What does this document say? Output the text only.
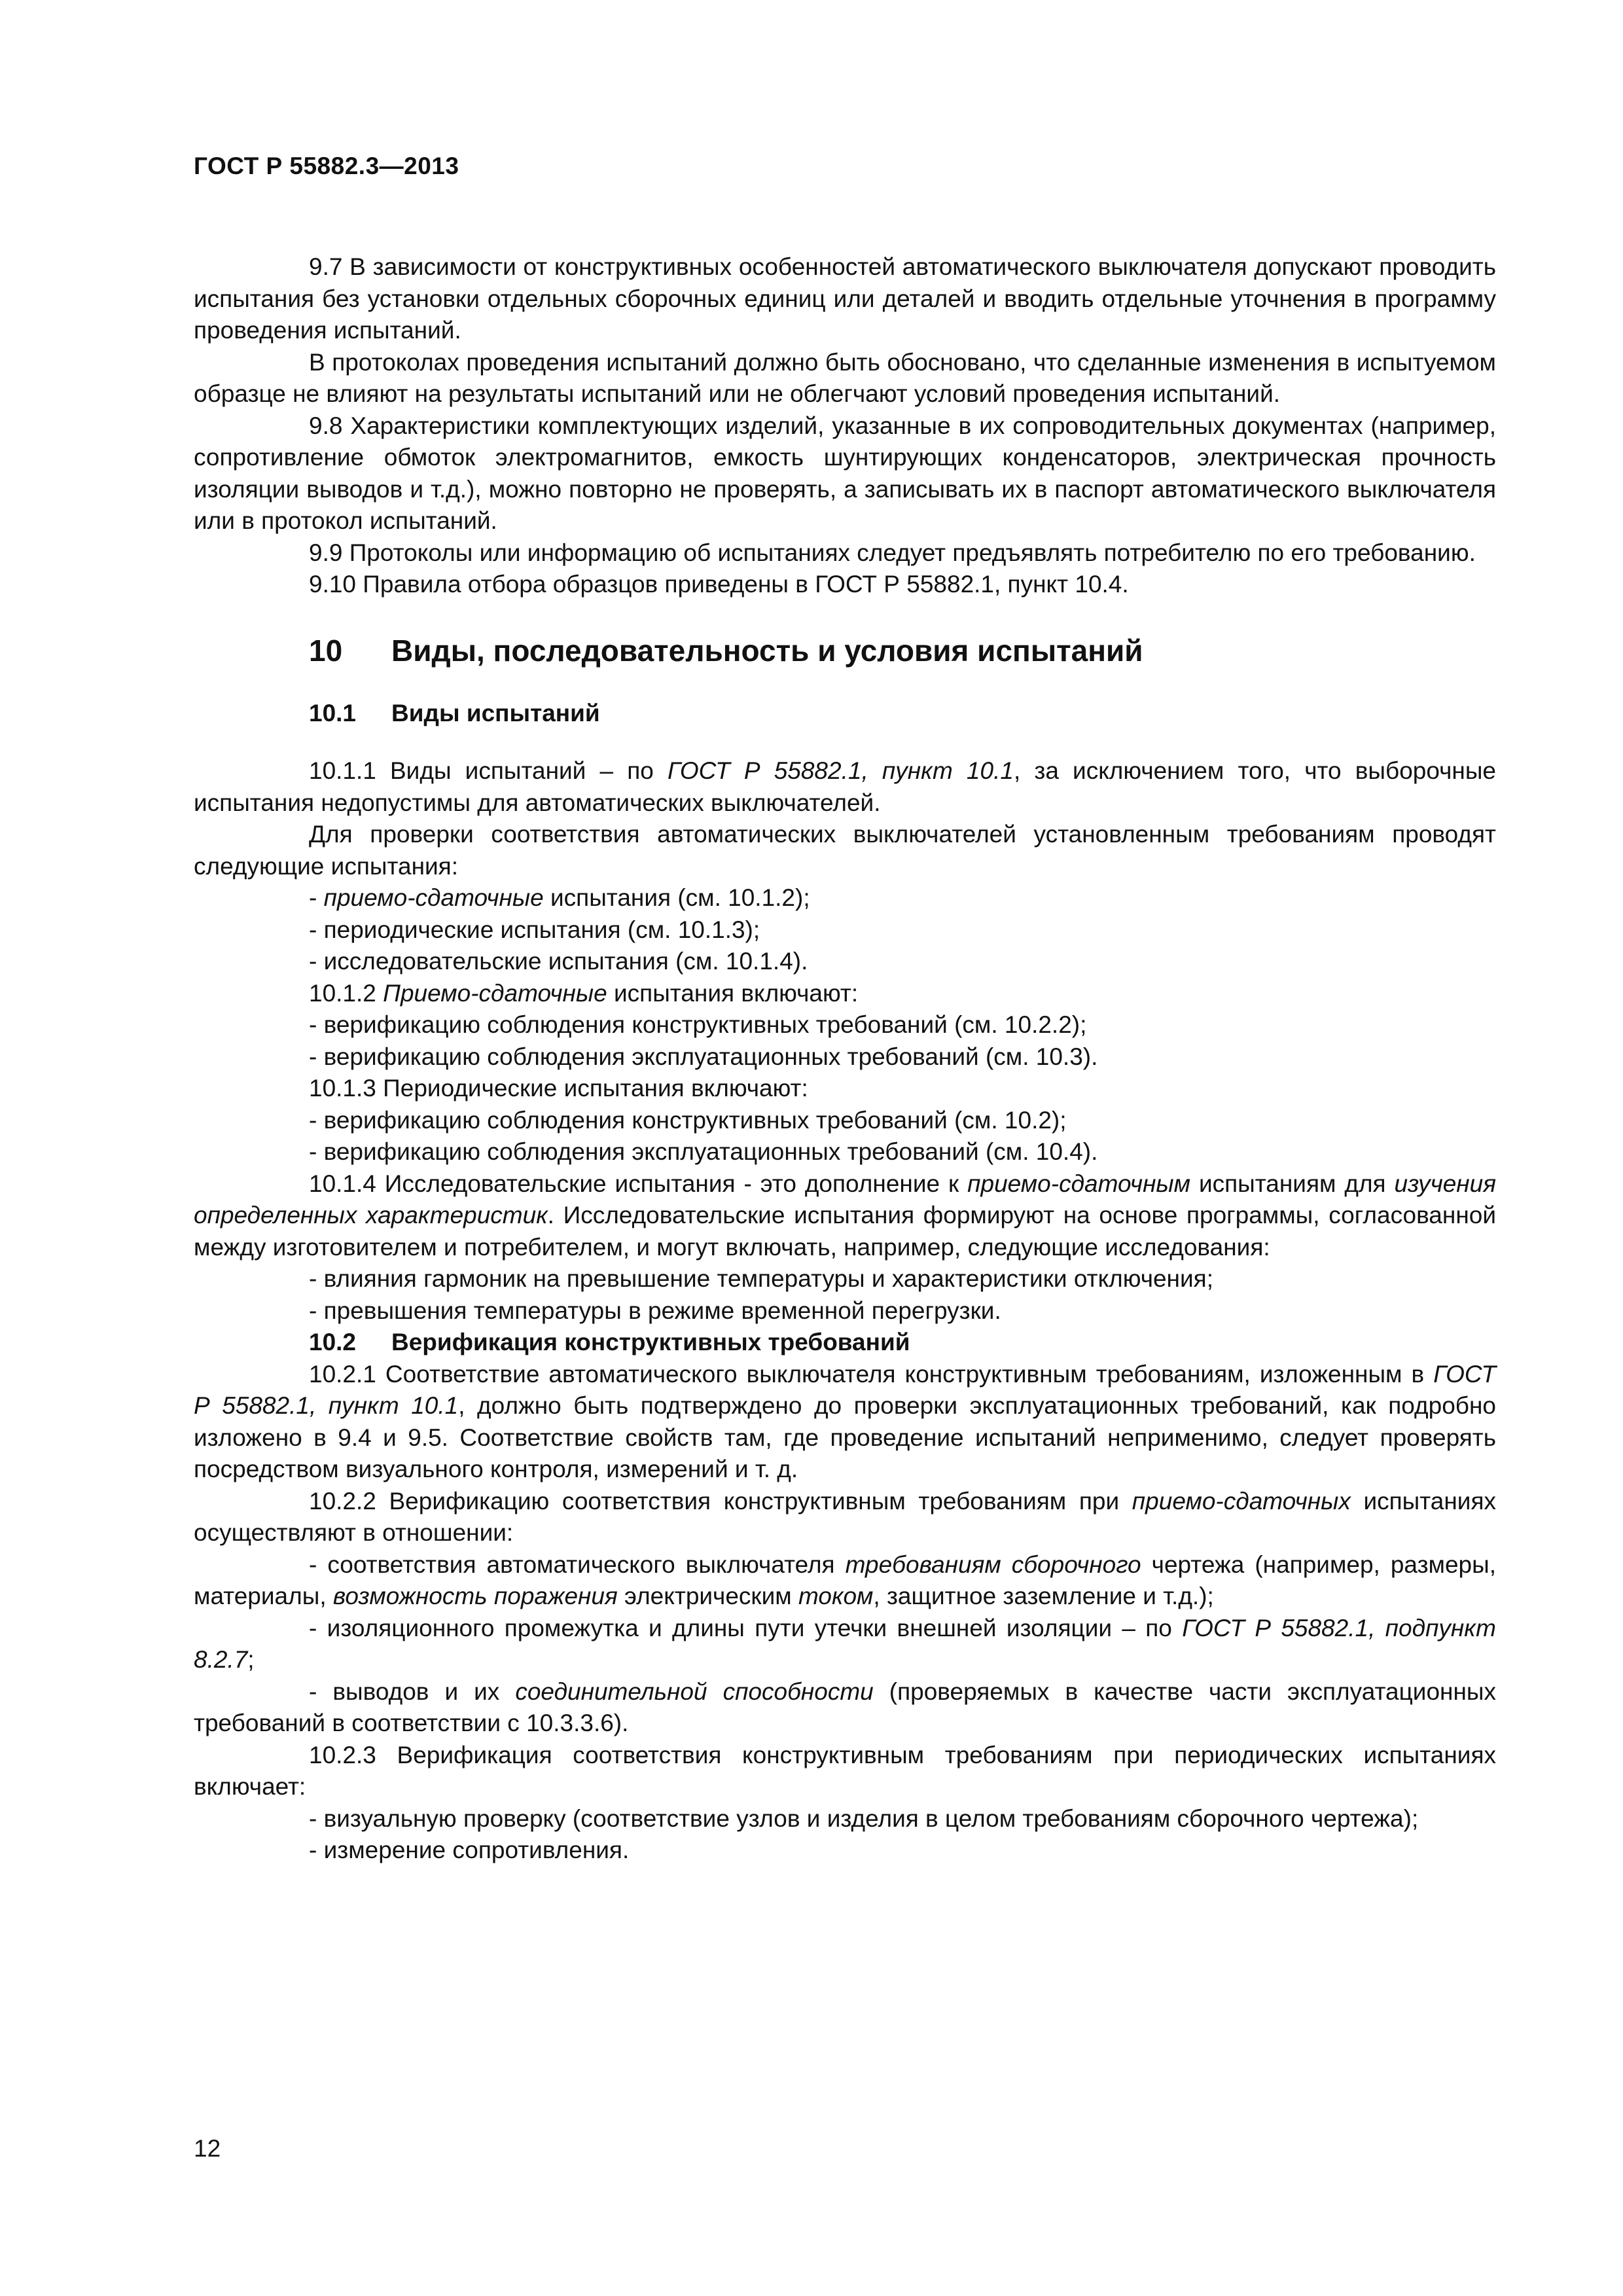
ГОСТ Р 55882.3—2013

9.7 В зависимости от конструктивных особенностей автоматического выключателя допускают проводить испытания без установки отдельных сборочных единиц или деталей и вводить отдельные уточнения в программу проведения испытаний.

В протоколах проведения испытаний должно быть обосновано, что сделанные изменения в испытуемом образце не влияют на результаты испытаний или не облегчают условий проведения испытаний.

9.8 Характеристики комплектующих изделий, указанные в их сопроводительных документах (например, сопротивление обмоток электромагнитов, емкость шунтирующих конденсаторов, электрическая прочность изоляции выводов и т.д.), можно повторно не проверять, а записывать их в паспорт автоматического выключателя или в протокол испытаний.

9.9 Протоколы или информацию об испытаниях следует предъявлять потребителю по его требованию.

9.10 Правила отбора образцов приведены в ГОСТ Р 55882.1, пункт 10.4.

10 Виды, последовательность и условия испытаний
10.1 Виды испытаний

10.1.1 Виды испытаний – по ГОСТ Р 55882.1, пункт 10.1, за исключением того, что выборочные испытания недопустимы для автоматических выключателей.

Для проверки соответствия автоматических выключателей установленным требованиям проводят следующие испытания:

- приемо-сдаточные испытания (см. 10.1.2);

- периодические испытания (см. 10.1.3);

- исследовательские испытания (см. 10.1.4).

10.1.2 Приемо-сдаточные испытания включают:

- верификацию соблюдения конструктивных требований (см. 10.2.2);

- верификацию соблюдения эксплуатационных требований (см. 10.3).

10.1.3 Периодические испытания включают:

- верификацию соблюдения конструктивных требований (см. 10.2);

- верификацию соблюдения эксплуатационных требований (см. 10.4).

10.1.4 Исследовательские испытания - это дополнение к приемо-сдаточным испытаниям для изучения определенных характеристик. Исследовательские испытания формируют на основе программы, согласованной между изготовителем и потребителем, и могут включать, например, следующие исследования:

- влияния гармоник на превышение температуры и характеристики отключения;

- превышения температуры в режиме временной перегрузки.

10.2 Верификация конструктивных требований

10.2.1 Соответствие автоматического выключателя конструктивным требованиям, изложенным в ГОСТ Р 55882.1, пункт 10.1, должно быть подтверждено до проверки эксплуатационных требований, как подробно изложено в 9.4 и 9.5. Соответствие свойств там, где проведение испытаний неприменимо, следует проверять посредством визуального контроля, измерений и т. д.

10.2.2 Верификацию соответствия конструктивным требованиям при приемо-сдаточных испытаниях осуществляют в отношении:

- соответствия автоматического выключателя требованиям сборочного чертежа (например, размеры, материалы, возможность поражения электрическим током, защитное заземление и т.д.);

- изоляционного промежутка и длины пути утечки внешней изоляции – по ГОСТ Р 55882.1, подпункт 8.2.7;

- выводов и их соединительной способности (проверяемых в качестве части эксплуатационных требований в соответствии с 10.3.3.6).

10.2.3 Верификация соответствия конструктивным требованиям при периодических испытаниях включает:

- визуальную проверку (соответствие узлов и изделия в целом требованиям сборочного чертежа);

- измерение сопротивления.

12
